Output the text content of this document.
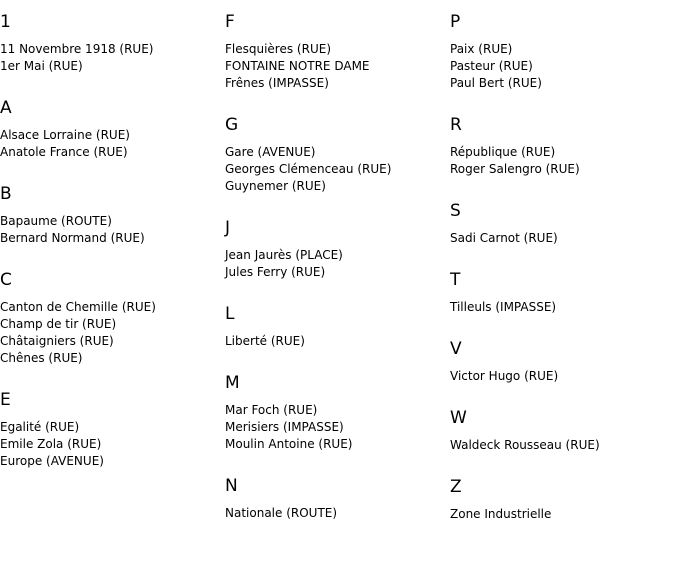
1
11 Novembre 1918 (RUE)
1er Mai (RUE)
A
Alsace Lorraine (RUE)
Anatole France (RUE)
B
Bapaume (ROUTE)
Bernard Normand (RUE)
C
Canton de Chemille (RUE)
Champ de tir (RUE)
Châtaigniers (RUE)
Chênes (RUE)
E
Egalité (RUE)
Emile Zola (RUE)
Europe (AVENUE)
F
Flesquières (RUE)
FONTAINE NOTRE DAME
Frênes (IMPASSE)
G
Gare (AVENUE)
Georges Clémenceau (RUE)
Guynemer (RUE)
J
Jean Jaurès (PLACE)
Jules Ferry (RUE)
L
Liberté (RUE)
M
Mar Foch (RUE)
Merisiers (IMPASSE)
Moulin Antoine (RUE)
N
Nationale (ROUTE)
P
Paix (RUE)
Pasteur (RUE)
Paul Bert (RUE)
R
République (RUE)
Roger Salengro (RUE)
S
Sadi Carnot (RUE)
T
Tilleuls (IMPASSE)
V
Victor Hugo (RUE)
W
Waldeck Rousseau (RUE)
Z
Zone Industrielle
